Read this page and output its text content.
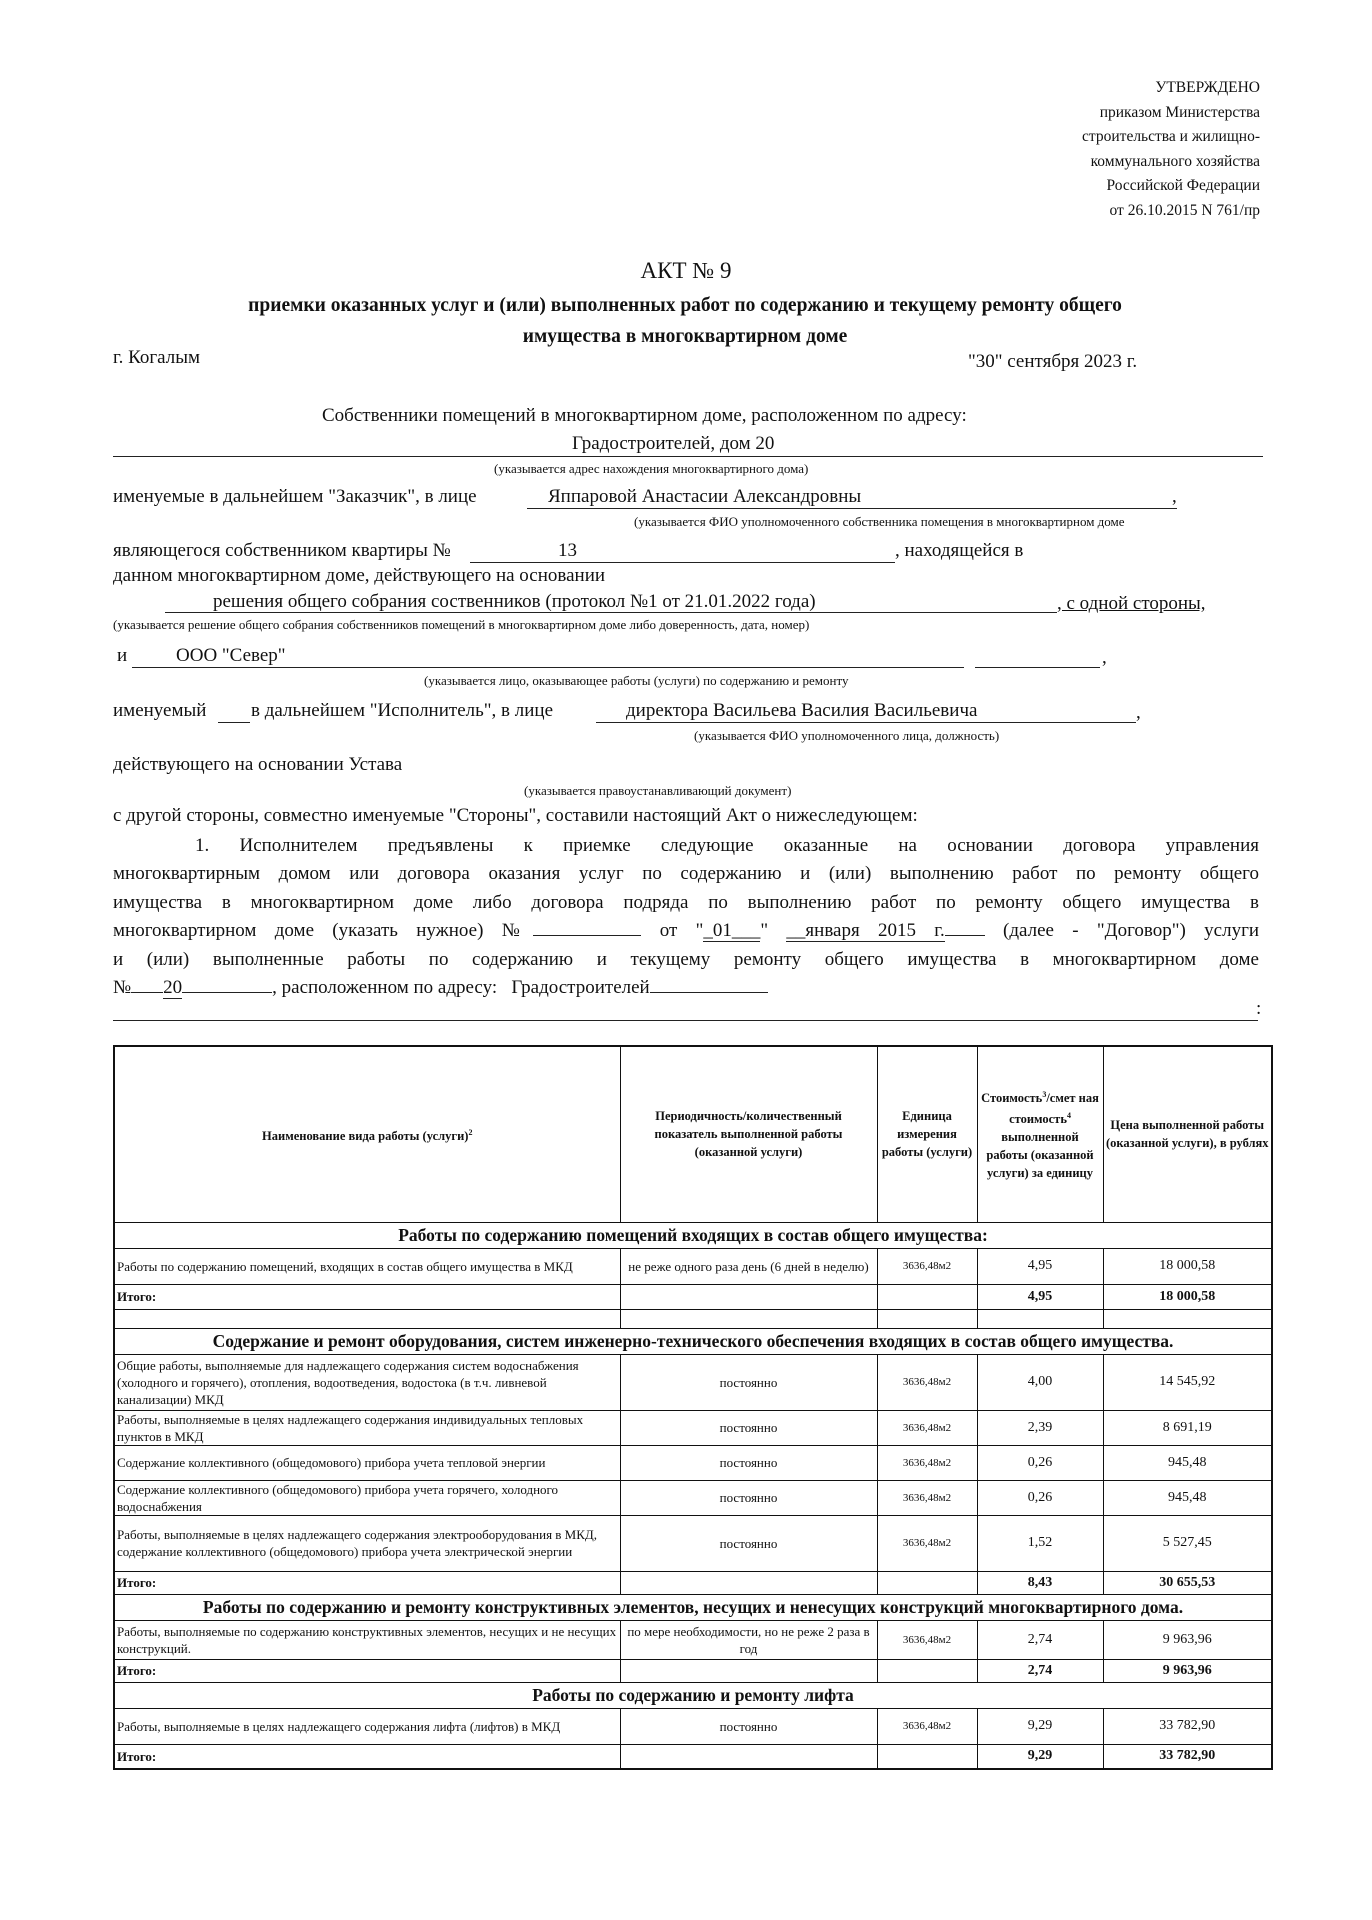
УТВЕРЖДЕНО
приказом Министерства
строительства и жилищно-
коммунального хозяйства
Российской Федерации
от 26.10.2015 N 761/пр
АКТ № 9
приемки оказанных услуг и (или) выполненных работ по содержанию и текущему ремонту общего
имущества в многоквартирном доме
г. Когалым	"30" сентября 2023 г.
Собственники помещений в многоквартирном доме, расположенном по адресу:
Градостроителей, дом 20
(указывается адрес нахождения многоквартирного дома)
именуемые в дальнейшем "Заказчик", в лице	Яппаровой Анастасии Александровны	,
(указывается ФИО уполномоченного собственника помещения в многоквартирном доме
являющегося собственником квартиры №	13	, находящейся в
данном многоквартирном доме, действующего на основании
решения общего собрания соственников (протокол №1 от 21.01.2022 года)	, с одной стороны,
(указывается решение общего собрания собственников помещений в многоквартирном доме либо доверенность, дата, номер)
и	ООО "Север"	,
(указывается лицо, оказывающее работы (услуги) по содержанию и ремонту
именуемый в дальнейшем "Исполнитель", в лице	директора Васильева Василия Васильевича	,
(указывается ФИО уполномоченного лица, должность)
действующего на основании Устава
(указывается правоустанавливающий документ)
с другой стороны, совместно именуемые "Стороны", составили настоящий Акт о нижеследующем:
1. Исполнителем предъявлены к приемке следующие оказанные на основании договора управления
многоквартирным домом или договора оказания услуг по содержанию и (или) выполнению работ по ремонту общего
имущества в многоквартирном доме либо договора подряда по выполнению работ по ремонту общего имущества в
многоквартирном доме (указать нужное) №	от "_01___" __января 2015 г.	(далее - "Договор") услуги
и (или) выполненные работы по содержанию и текущему ремонту общего имущества в многоквартирном доме
№ 20	, расположенном по адресу: Градостроителей
:
Наименование вида работы (услуги)$^2$	Периодичность/количественный показатель выполненной работы (оказанной услуги)	Единица измерения работы (услуги)	Стоимость$^3$/смет ная стоимость$^4$ выполненной работы (оказанной услуги) за единицу	Цена выполненной работы (оказанной услуги), в рублях
Работы по содержанию помещений входящих в состав общего имущества:				
Работы по содержанию помещений, входящих в состав общего имущества в МКД	не реже одного раза день (6 дней в неделю)	3636,48м2	4,95	18 000,58
Итого:			4,95	18 000,58

Содержание и ремонт оборудования, систем инженерно-технического обеспечения входящих в состав общего имущества.				
Общие работы, выполняемые для надлежащего содержания систем водоснабжения (холодного и горячего), отопления, водоотведения, водостока (в т.ч. ливневой канализации) МКД	постоянно	3636,48м2	4,00	14 545,92
Работы, выполняемые в целях надлежащего содержания индивидуальных тепловых пунктов в МКД	постоянно	3636,48м2	2,39	8 691,19
Содержание коллективного (общедомового) прибора учета тепловой энергии	постоянно	3636,48м2	0,26	945,48
Содержание коллективного (общедомового) прибора учета горячего, холодного водоснабжения	постоянно	3636,48м2	0,26	945,48
Работы, выполняемые в целях надлежащего содержания электрооборудования в МКД, содержание коллективного (общедомового) прибора учета электрической энергии	постоянно	3636,48м2	1,52	5 527,45
Итого:			8,43	30 655,53
Работы по содержанию и ремонту конструктивных элементов, несущих и ненесущих конструкций многоквартирного дома.				
Работы, выполняемые по содержанию конструктивных элементов, несущих и не несущих конструкций.	по мере необходимости, но не реже 2 раза в год	3636,48м2	2,74	9 963,96
Итого:			2,74	9 963,96
Работы по содержанию и ремонту лифта				
Работы, выполняемые в целях надлежащего содержания лифта (лифтов) в МКД	постоянно	3636,48м2	9,29	33 782,90
Итого:			9,29	33 782,90
